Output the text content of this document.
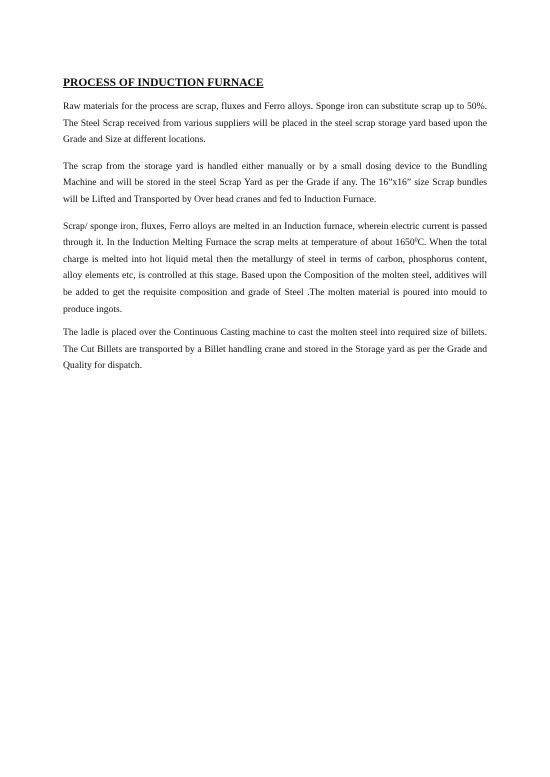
PROCESS OF INDUCTION FURNACE

Raw materials for the process are scrap, fluxes and Ferro alloys. Sponge iron can substitute scrap up to 50%. The Steel Scrap received from various suppliers will be placed in the steel scrap storage yard based upon the Grade and Size at different locations.

The scrap from the storage yard is handled either manually or by a small dosing device to the Bundling Machine and will be stored in the steel Scrap Yard as per the Grade if any. The 16”x16” size Scrap bundles will be Lifted and Transported by Over head cranes and fed to Induction Furnace.

Scrap/ sponge iron, fluxes, Ferro alloys are melted in an Induction furnace, wherein electric current is passed through it. In the Induction Melting Furnace the scrap melts at temperature of about 1650$^0$C. When the total charge is melted into hot liquid metal then the metallurgy of steel in terms of carbon, phosphorus content, alloy elements etc, is controlled at this stage. Based upon the Composition of the molten steel, additives will be added to get the requisite composition and grade of Steel .The molten material is poured into mould to produce ingots.

The ladle is placed over the Continuous Casting machine to cast the molten steel into required size of billets. The Cut Billets are transported by a Billet handling crane and stored in the Storage yard as per the Grade and Quality for dispatch.
